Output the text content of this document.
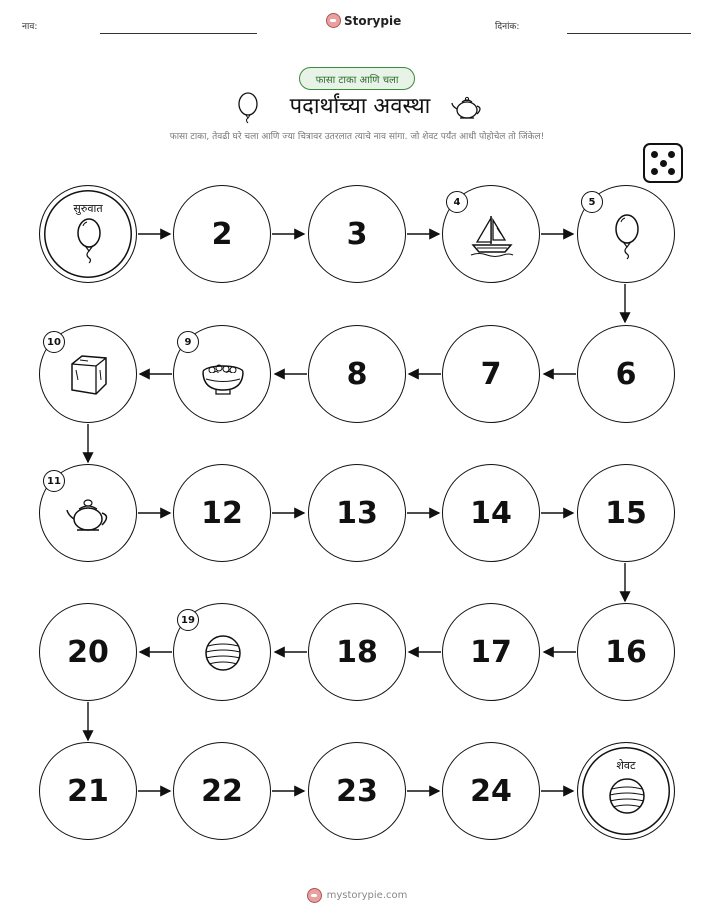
नाव:	Storypie	दिनांक:
फासा टाका आणि चला
पदार्थांच्या अवस्था
फासा टाका, तेवढी घरे चला आणि ज्या चित्रावर उतरलात त्याचे नाव सांगा. जो शेवट पर्यंत आधी पोहोचेल तो जिंकेल!
सुरुवात
2	3
4	5
6
7
8
9
10
11
12	13	14	15
16
17
18
19
20
21	22	23	24
शेवट
mystorypie.com
